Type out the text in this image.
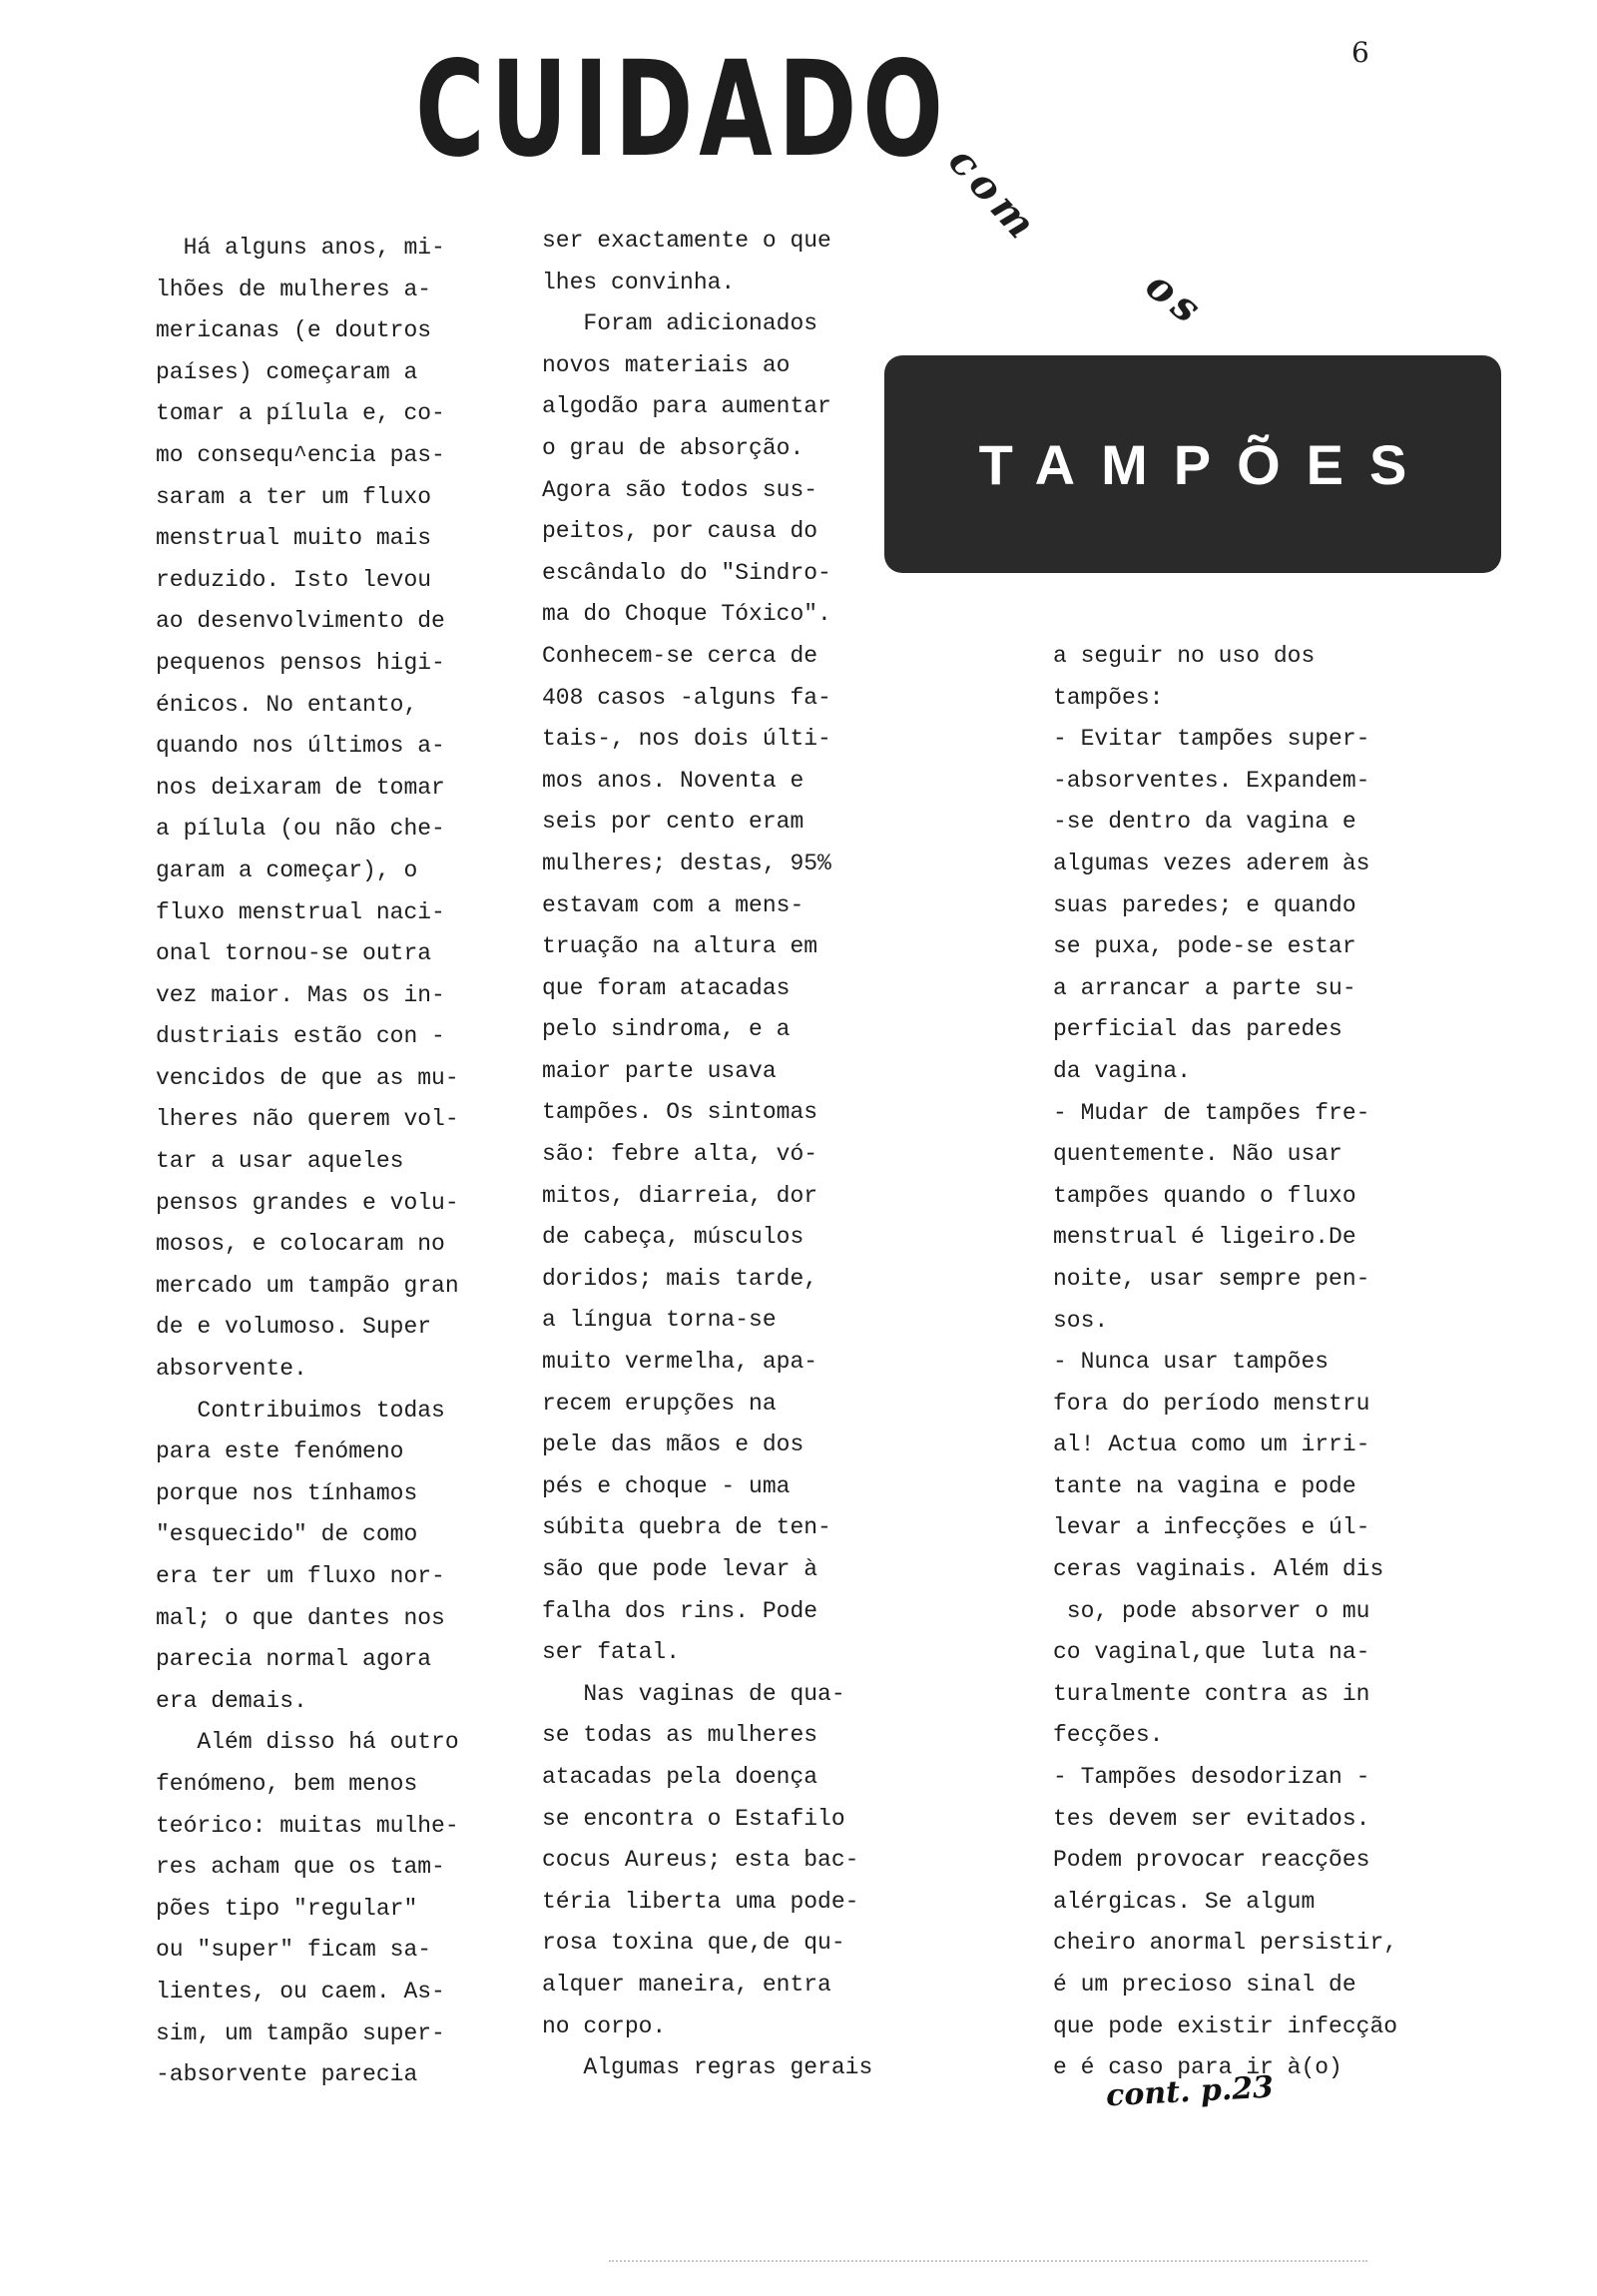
6
CUIDADO
com
os
TAMPÕES
Há alguns anos, mi-
lhões de mulheres a-
mericanas (e doutros
países) começaram a
tomar a pílula e, co-
mo consequ^encia pas-
saram a ter um fluxo
menstrual muito mais
reduzido. Isto levou
ao desenvolvimento de
pequenos pensos higi-
énicos. No entanto,
quando nos últimos a-
nos deixaram de tomar
a pílula (ou não che-
garam a começar), o
fluxo menstrual naci-
onal tornou-se outra
vez maior. Mas os in-
dustriais estão con -
vencidos de que as mu-
lheres não querem vol-
tar a usar aqueles
pensos grandes e volu-
mosos, e colocaram no
mercado um tampão gran
de e volumoso. Super
absorvente.
Contribuimos todas
para este fenómeno
porque nos tínhamos
"esquecido" de como
era ter um fluxo nor-
mal; o que dantes nos
parecia normal agora
era demais.
Além disso há outro
fenómeno, bem menos
teórico: muitas mulhe-
res acham que os tam-
pões tipo "regular"
ou "super" ficam sa-
lientes, ou caem. As-
sim, um tampão super-
-absorvente parecia
ser exactamente o que
lhes convinha.
Foram adicionados
novos materiais ao
algodão para aumentar
o grau de absorção.
Agora são todos sus-
peitos, por causa do
escândalo do "Sindro-
ma do Choque Tóxico".
Conhecem-se cerca de
408 casos -alguns fa-
tais-, nos dois últi-
mos anos. Noventa e
seis por cento eram
mulheres; destas, 95%
estavam com a mens-
truação na altura em
que foram atacadas
pelo sindroma, e a
maior parte usava
tampões. Os sintomas
são: febre alta, vó-
mitos, diarreia, dor
de cabeça, músculos
doridos; mais tarde,
a língua torna-se
muito vermelha, apa-
recem erupções na
pele das mãos e dos
pés e choque - uma
súbita quebra de ten-
são que pode levar à
falha dos rins. Pode
ser fatal.
Nas vaginas de qua-
se todas as mulheres
atacadas pela doença
se encontra o Estafilo
cocus Aureus; esta bac-
téria liberta uma pode-
rosa toxina que,de qu-
alquer maneira, entra
no corpo.
Algumas regras gerais
a seguir no uso dos
tampões:
- Evitar tampões super-
-absorventes. Expandem-
-se dentro da vagina e
algumas vezes aderem às
suas paredes; e quando
se puxa, pode-se estar
a arrancar a parte su-
perficial das paredes
da vagina.
- Mudar de tampões fre-
quentemente. Não usar
tampões quando o fluxo
menstrual é ligeiro.De
noite, usar sempre pen-
sos.
- Nunca usar tampões
fora do período menstru
al! Actua como um irri-
tante na vagina e pode
levar a infecções e úl-
ceras vaginais. Além dis
so, pode absorver o mu
co vaginal,que luta na-
turalmente contra as in
fecções.
- Tampões desodorizan -
tes devem ser evitados.
Podem provocar reacções
alérgicas. Se algum
cheiro anormal persistir,
é um precioso sinal de
que pode existir infecção
e é caso para ir à(o)
cont. p.23
